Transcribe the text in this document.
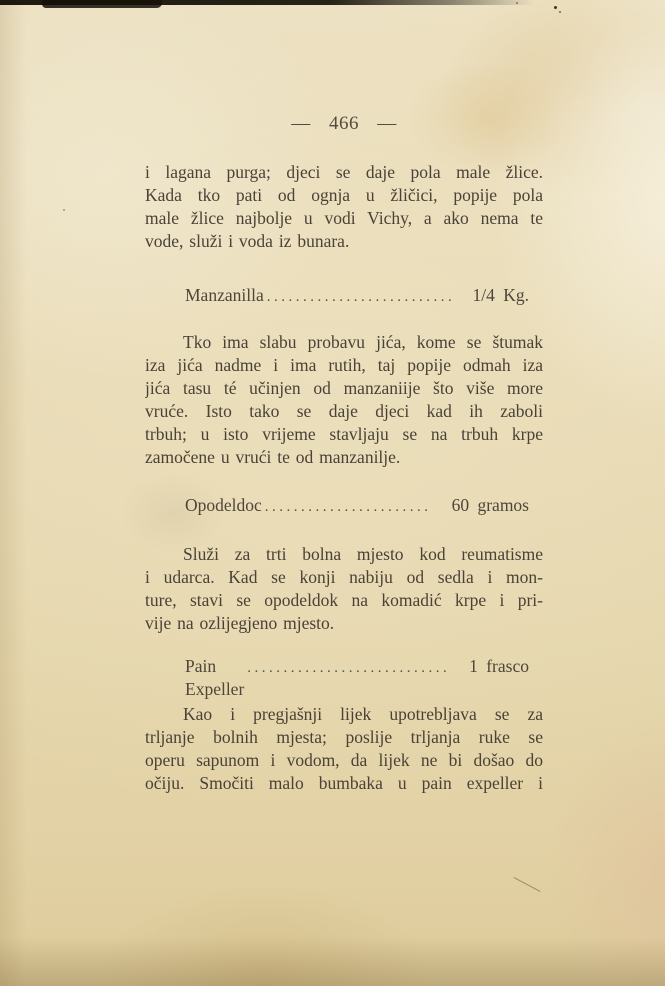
— 466 —
i lagana purga; djeci se daje pola male žlice.
Kada tko pati od ognja u žličici, popije pola
male žlice najbolje u vodi Vichy, a ako nema te
vode, služi i voda iz bunara.
Manzanilla .....	1/4 Kg.
Tko ima slabu probavu jića, kome se štumak
iza jića nadme i ima rutih, taj popije odmah iza
jića tasu té učinjen od manzaniije što više more
vruće. Isto tako se daje djeci kad ih zaboli
trbuh; u isto vrijeme stavljaju se na trbuh krpe
zamočene u vrući te od manzanilje.
Opodeldoc .....	60 gramos
Služi za trti bolna mjesto kod reumatisme
i udarca. Kad se konji nabiju od sedla i mon-
ture, stavi se opodeldok na komadić krpe i pri-
vije na ozlijegjeno mjesto.
Pain Expeller
.....
1 frasco
Kao i pregjašnji lijek upotrebljava se za
trljanje bolnih mjesta; poslije trljanja ruke se
operu sapunom i vodom, da lijek ne bi došao do
očiju. Smočiti malo bumbaka u pain expeller i
